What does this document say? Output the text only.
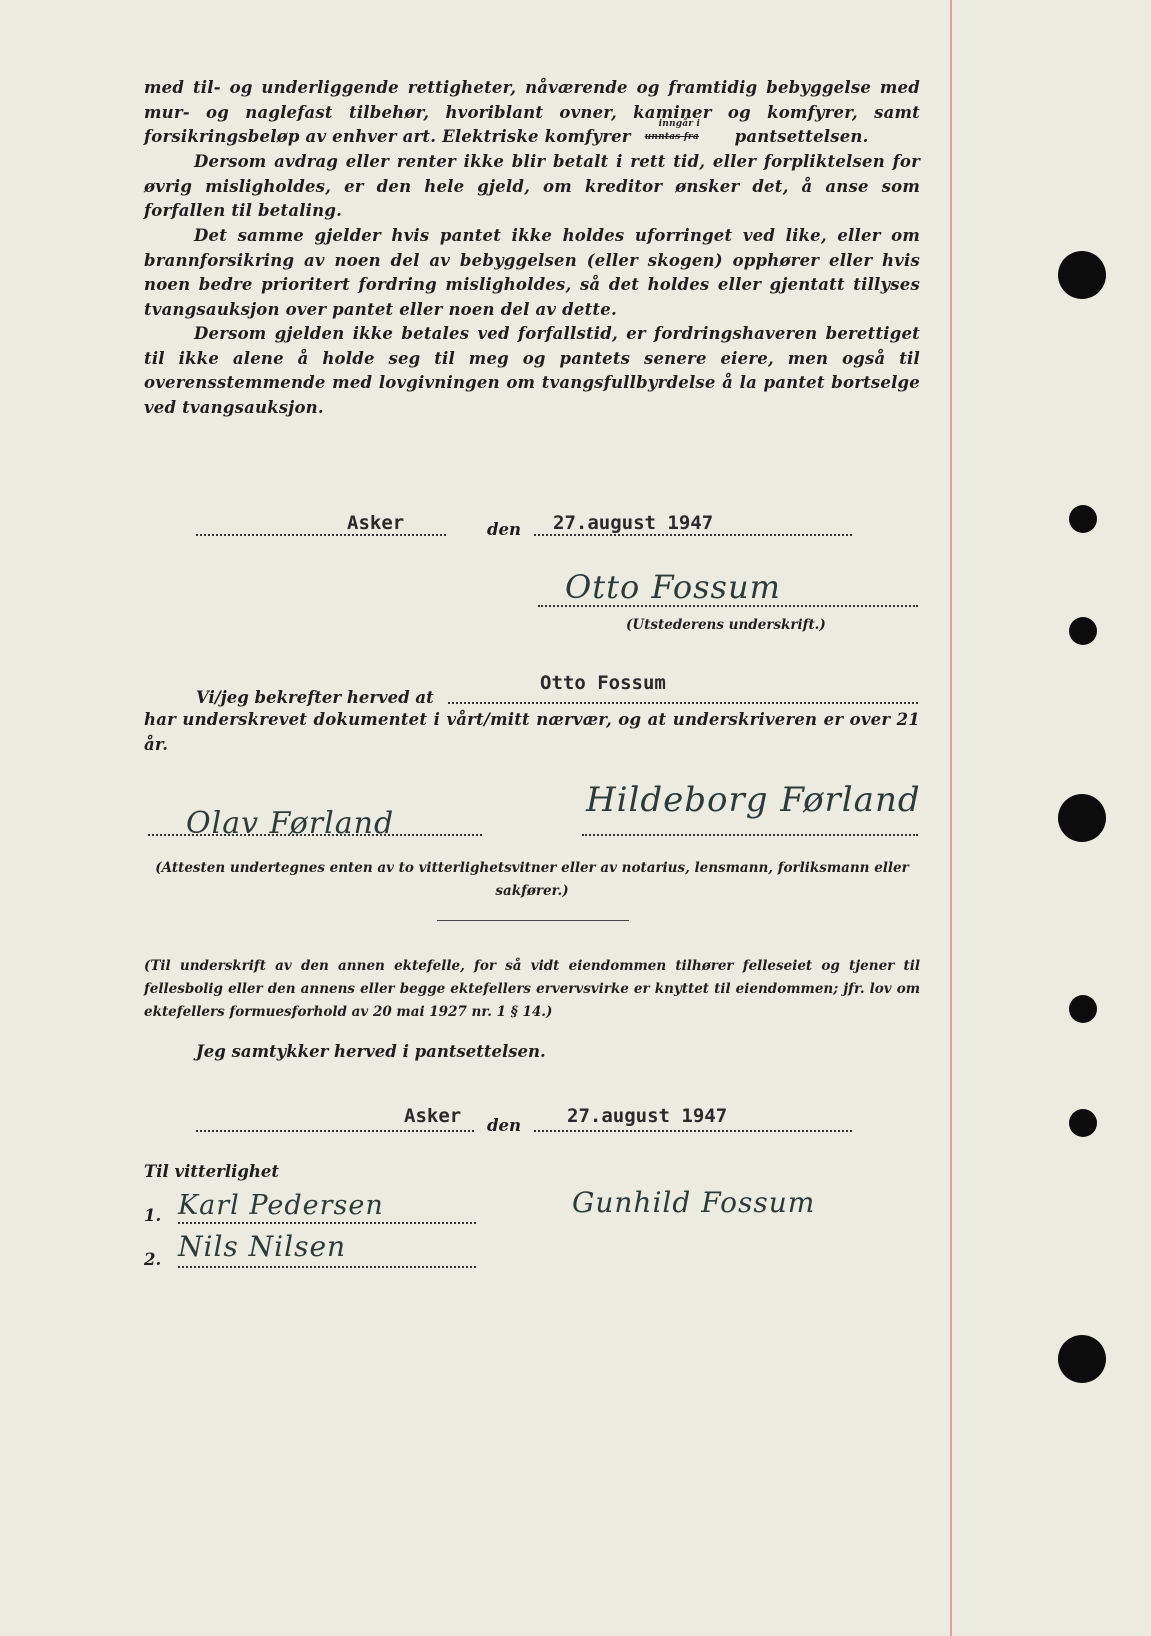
med til- og underliggende rettigheter, nåværende og framtidig bebyggelse med mur- og naglefast tilbehør, hvoriblant ovner, kaminer og komfyrer, samt forsikringsbeløp av enhver art. Elektriske komfyrer
inngår i
unntas fra pantsettelsen.
Dersom avdrag eller renter ikke blir betalt i rett tid, eller forpliktelsen for øvrig misligholdes, er den hele gjeld, om kreditor ønsker det, å anse som forfallen til betaling.
Det samme gjelder hvis pantet ikke holdes uforringet ved like, eller om brannforsikring av noen del av bebyggelsen (eller skogen) opphører eller hvis noen bedre prioritert fordring misligholdes, så det holdes eller gjentatt tillyses tvangsauksjon over pantet eller noen del av dette.
Dersom gjelden ikke betales ved forfallstid, er fordringshaveren berettiget til ikke alene å holde seg til meg og pantets senere eiere, men også til overensstemmende med lovgivningen om tvangsfullbyrdelse å la pantet bortselge ved tvangsauksjon.
Asker	den 27.august 1947
Otto Fossum
(Utstederens underskrift.)
Vi/jeg bekrefter herved at
Otto Fossum
har underskrevet dokumentet i vårt/mitt nærvær, og at underskriveren er over 21 år.
Olav Førland
Hildeborg Førland
(Attesten undertegnes enten av to vitterlighetsvitner eller av notarius, lensmann, forliksmann eller sakfører.)
(Til underskrift av den annen ektefelle, for så vidt eiendommen tilhører felleseiet og tjener til fellesbolig eller den annens eller begge ektefellers ervervsvirke er knyttet til eiendommen; jfr. lov om ektefellers formuesforhold av 20 mai 1927 nr. 1 § 14.)
Jeg samtykker herved i pantsettelsen.
Asker den 27.august 1947
Til vitterlighet
1. Karl Pedersen	Gunhild Fossum
2. Nils Nilsen
